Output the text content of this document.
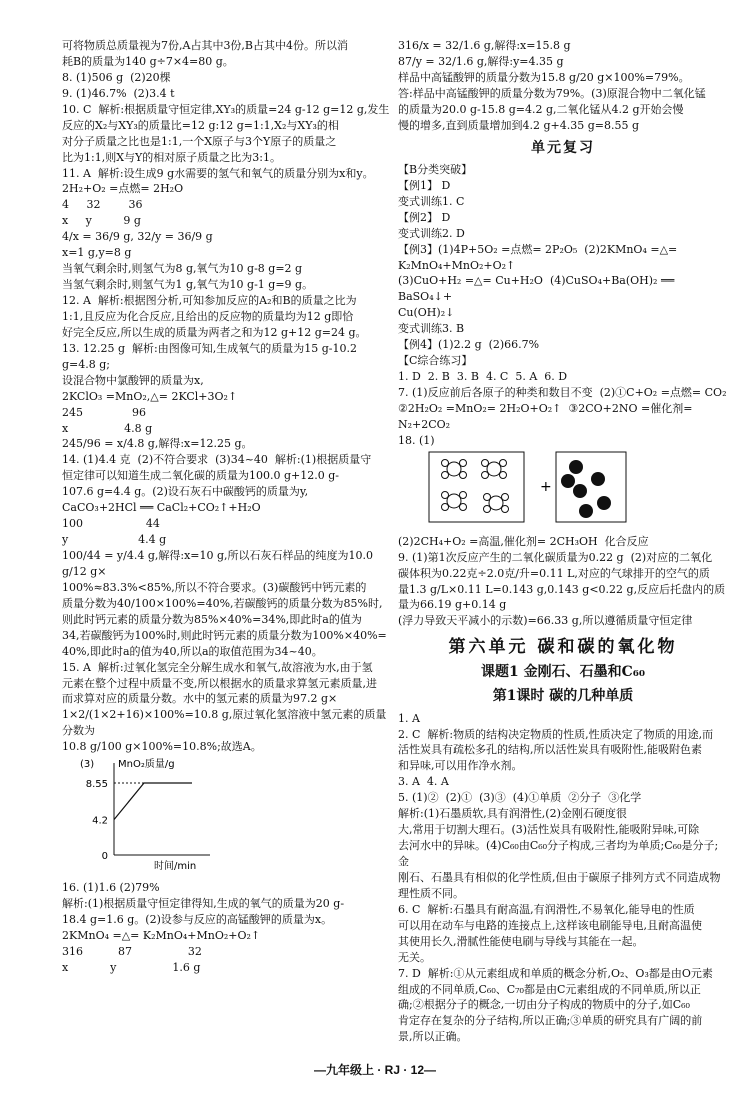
可将物质总质量视为7份,A占其中3份,B占其中4份。所以消
耗B的质量为140 g÷7×4=80 g。
8. (1)506 g  (2)20棵
9. (1)46.7%  (2)3.4 t
10. C  解析:根据质量守恒定律,XY₃的质量=24 g-12 g=12 g,发生
反应的X₂与XY₃的质量比=12 g:12 g=1:1,X₂与XY₃的相
对分子质量之比也是1:1,一个X原子与3个Y原子的质量之
比为1:1,则X与Y的相对原子质量之比为3:1。
11. A  解析:设生成9 g水需要的氢气和氧气的质量分别为x和y。
2H₂+O₂ =点燃= 2H₂O
4     32        36
x     y         9 g
4/x = 36/9 g, 32/y = 36/9 g
x=1 g,y=8 g
当氧气剩余时,则氢气为8 g,氧气为10 g-8 g=2 g
当氢气剩余时,则氢气为1 g,氧气为10 g-1 g=9 g。
12. A  解析:根据图分析,可知参加反应的A₂和B的质量之比为
1:1,且反应为化合反应,且给出的反应物的质量均为12 g即恰
好完全反应,所以生成的质量为两者之和为12 g+12 g=24 g。
13. 12.25 g  解析:由图像可知,生成氧气的质量为15 g-10.2 g=4.8 g;
设混合物中氯酸钾的质量为x,
2KClO₃ =MnO₂,△= 2KCl+3O₂↑
245              96
x                4.8 g
245/96 = x/4.8 g,解得:x=12.25 g。
14. (1)4.4 克  (2)不符合要求  (3)34~40  解析:(1)根据质量守
恒定律可以知道生成二氧化碳的质量为100.0 g+12.0 g-
107.6 g=4.4 g。(2)设石灰石中碳酸钙的质量为y,
CaCO₃+2HCl ══ CaCl₂+CO₂↑+H₂O
100                  44
y                    4.4 g
100/44 = y/4.4 g,解得:x=10 g,所以石灰石样品的纯度为10.0 g/12 g×
100%≈83.3%<85%,所以不符合要求。(3)碳酸钙中钙元素的
质量分数为40/100×100%=40%,若碳酸钙的质量分数为85%时,
则此时钙元素的质量分数为85%×40%=34%,即此时a的值为
34,若碳酸钙为100%时,则此时钙元素的质量分数为100%×40%=
40%,即此时a的值为40,所以a的取值范围为34~40。
15. A  解析:过氧化氢完全分解生成水和氧气,故溶液为水,由于氢
元素在整个过程中质量不变,所以根据水的质量求算氢元素质量,进
而求算对应的质量分数。水中的氢元素的质量为97.2 g×
1×2/(1×2+16)×100%=10.8 g,原过氧化氢溶液中氢元素的质量分数为
10.8 g/100 g×100%=10.8%;故选A。
(3) MnO₂质量/g
时间/min
8.55
4.2
0
16. (1)1.6 (2)79%
解析:(1)根据质量守恒定律得知,生成的氧气的质量为20 g-
18.4 g=1.6 g。(2)设参与反应的高锰酸钾的质量为x。
2KMnO₄ =△= K₂MnO₄+MnO₂+O₂↑
316          87                32
x            y                1.6 g
316/x = 32/1.6 g,解得:x=15.8 g
87/y = 32/1.6 g,解得:y=4.35 g
样品中高锰酸钾的质量分数为15.8 g/20 g×100%=79%。
答:样品中高锰酸钾的质量分数为79%。(3)原混合物中二氧化锰
的质量为20.0 g-15.8 g=4.2 g,二氧化锰从4.2 g开始会慢
慢的增多,直到质量增加到4.2 g+4.35 g=8.55 g
单元复习
【B分类突破】
【例1】 D
变式训练1. C
【例2】 D
变式训练2. D
【例3】(1)4P+5O₂ =点燃= 2P₂O₅  (2)2KMnO₄ =△= K₂MnO₄+MnO₂+O₂↑
(3)CuO+H₂ =△= Cu+H₂O  (4)CuSO₄+Ba(OH)₂ ══ BaSO₄↓+
Cu(OH)₂↓
变式训练3. B
【例4】(1)2.2 g  (2)66.7%
【C综合练习】
1. D  2. B  3. B  4. C  5. A  6. D
7. (1)反应前后各原子的种类和数目不变  (2)①C+O₂ =点燃= CO₂
②2H₂O₂ =MnO₂= 2H₂O+O₂↑  ③2CO+2NO =催化剂= N₂+2CO₂
18. (1)
+
(2)2CH₄+O₂ =高温,催化剂= 2CH₃OH  化合反应
9. (1)第1次反应产生的二氧化碳质量为0.22 g  (2)对应的二氧化
碳体积为0.22克÷2.0克/升=0.11 L,对应的气球排开的空气的质
量1.3 g/L×0.11 L=0.143 g,0.143 g<0.22 g,反应后托盘内的质量为66.19 g+0.14 g
(浮力导致天平减小的示数)=66.33 g,所以遵循质量守恒定律
第六单元 碳和碳的氧化物
课题1 金刚石、石墨和C₆₀
第1课时 碳的几种单质
1. A
2. C  解析:物质的结构决定物质的性质,性质决定了物质的用途,而
活性炭具有疏松多孔的结构,所以活性炭具有吸附性,能吸附色素
和异味,可以用作净水剂。
3. A  4. A
5. (1)②  (2)①  (3)③  (4)①单质  ②分子  ③化学
解析:(1)石墨质软,具有润滑性,(2)金刚石硬度很
大,常用于切割大理石。(3)活性炭具有吸附性,能吸附异味,可除
去河水中的异味。(4)C₆₀由C₆₀分子构成,三者均为单质;C₆₀是分子;金
刚石、石墨具有相似的化学性质,但由于碳原子排列方式不同造成物
理性质不同。
6. C  解析:石墨具有耐高温,有润滑性,不易氧化,能导电的性质
可以用在动车与电路的连接点上,这样该电刷能导电,且耐高温使
其使用长久,滑腻性能使电刷与导线与其能在一起。
无关。
7. D  解析:①从元素组成和单质的概念分析,O₂、O₃都是由O元素
组成的不同单质,C₆₀、C₇₀都是由C元素组成的不同单质,所以正
确;②根据分子的概念,一切由分子构成的物质中的分子,如C₆₀
肯定存在复杂的分子结构,所以正确;③单质的研究具有广阔的前
景,所以正确。
—九年级上 · RJ · 12—
